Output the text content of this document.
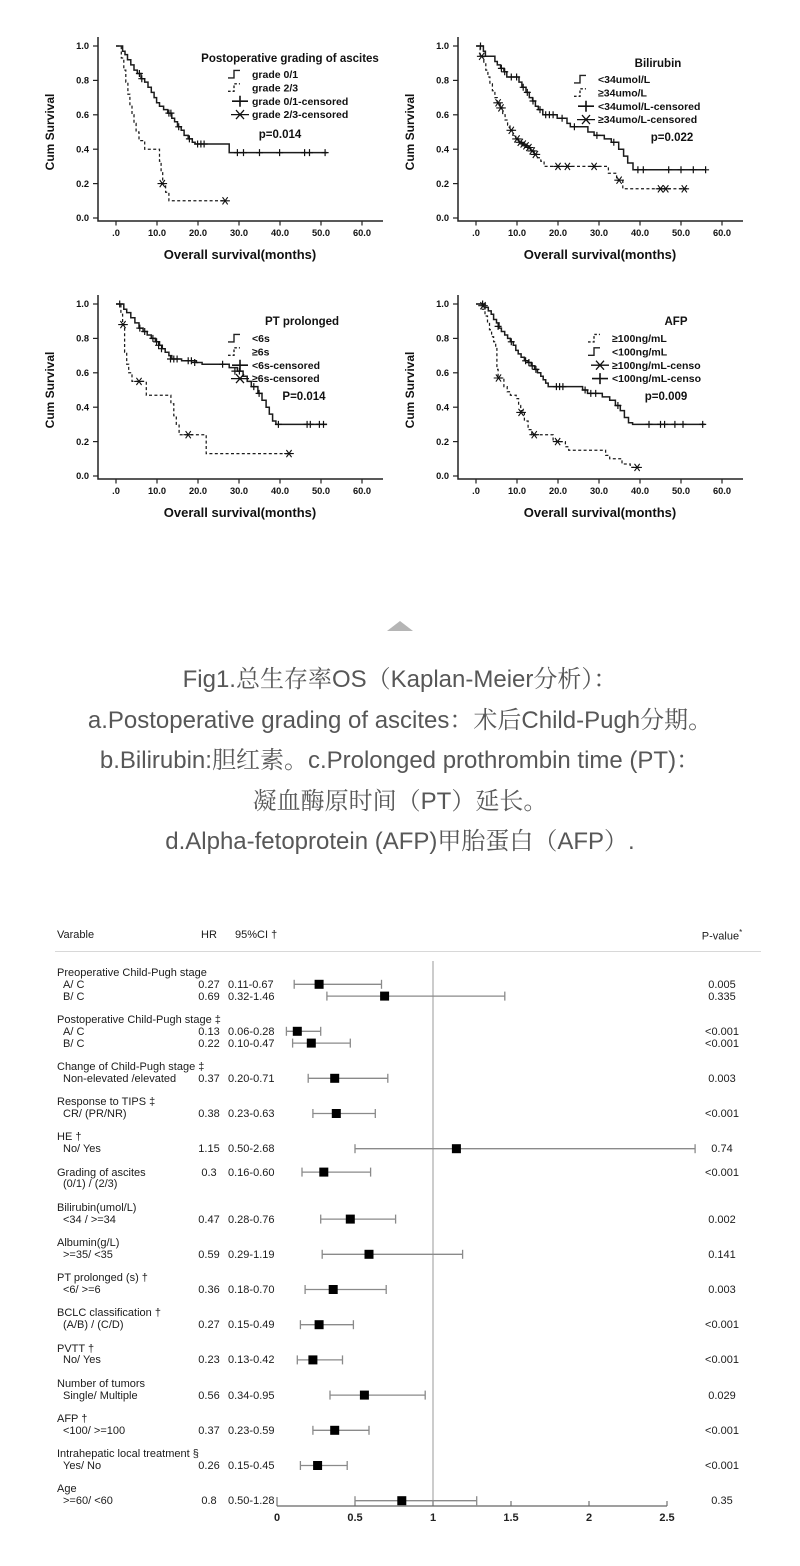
0.0
0.2
0.4
0.6
0.8
1.0
.0	10.0 20.0 30.0 40.0 50.0 60.0
Overall survival(months)
Cum Survival
Postoperative grading of ascites
grade 0/1
grade 2/3
grade 0/1-censored
grade 2/3-censored
p=0.014
0.0
0.2
0.4
0.6
0.8
1.0
.0	10.0 20.0 30.0 40.0 50.0 60.0
Overall survival(months)
Cum Survival
Bilirubin
<34umol/L
≥34umo/L
<34umol/L-censored
≥34umo/L-censored
p=0.022
0.0
0.2
0.4
0.6
0.8
1.0
.0	10.0 20.0 30.0 40.0 50.0 60.0
Overall survival(months)
Cum Survival
PT prolonged
<6s
≥6s
<6s-censored
≥6s-censored
P=0.014
0.0
0.2
0.4
0.6
0.8
1.0
.0	10.0 20.0 30.0 40.0 50.0 60.0
Overall survival(months)
Cum Survival
AFP
≥100ng/mL
<100ng/mL
≥100ng/mL-censo
<100ng/mL-censo
p=0.009
Fig1.总生存率OS（Kaplan-Meier分析）：
a.Postoperative grading of ascites：术后Child-Pugh分期。
b.Bilirubin:胆红素。c.Prolonged prothrombin time (PT)：
凝血酶原时间（PT）延长。
d.Alpha-fetoprotein (AFP)甲胎蛋白（AFP）.
0	0.5	1	1.5	2	2.5
Varable	HR	95%CI †	P-value*
Preoperative Child-Pugh stage
A/ C	0.27 0.11-0.67	0.005
B/ C	0.69 0.32-1.46	0.335
Postoperative Child-Pugh stage ‡
A/ C	0.13 0.06-0.28	<0.001
B/ C	0.22 0.10-0.47	<0.001
Change of Child-Pugh stage ‡
Non-elevated /elevated	0.37 0.20-0.71	0.003
Response to TIPS ‡
CR/ (PR/NR)	0.38 0.23-0.63	<0.001
HE †
No/ Yes	1.15 0.50-2.68	0.74
Grading of ascites	0.3	0.16-0.60	<0.001
(0/1) / (2/3)
Bilirubin(umol/L)
<34 / >=34	0.47 0.28-0.76	0.002
Albumin(g/L)
>=35/ <35	0.59 0.29-1.19	0.141
PT prolonged (s) †
<6/ >=6	0.36 0.18-0.70	0.003
BCLC classification †
(A/B) / (C/D)	0.27 0.15-0.49	<0.001
PVTT †
No/ Yes	0.23 0.13-0.42	<0.001
Number of tumors
Single/ Multiple	0.56 0.34-0.95	0.029
AFP †
<100/ >=100	0.37 0.23-0.59	<0.001
Intrahepatic local treatment §
Yes/ No	0.26 0.15-0.45	<0.001
Age
>=60/ <60	0.8	0.50-1.28	0.35
